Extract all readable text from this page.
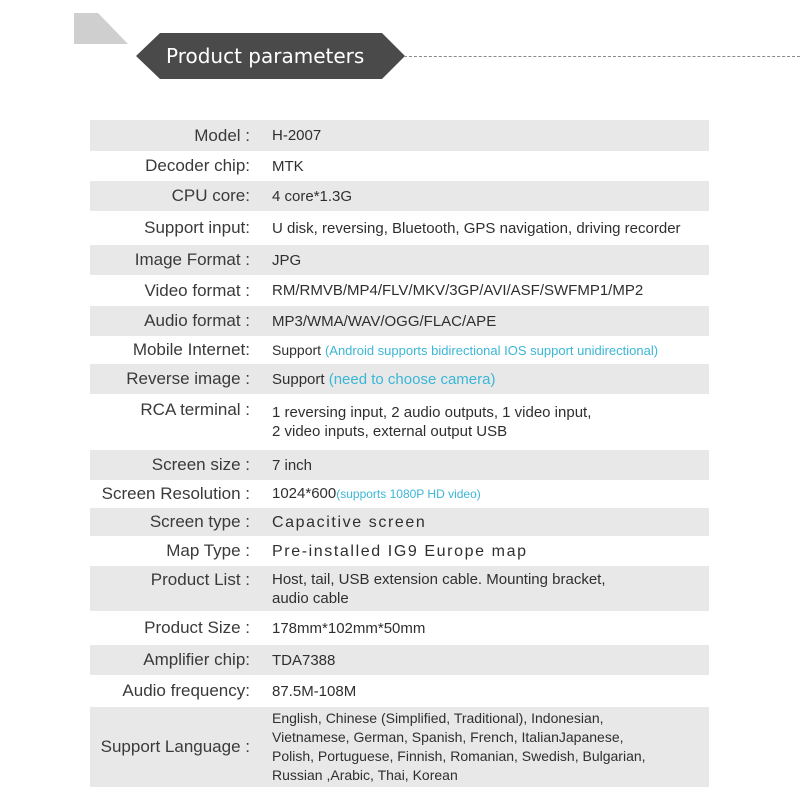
Product parameters
Model :	H-2007
Decoder chip:	MTK
CPU core:	4 core*1.3G
Support input:	U disk, reversing, Bluetooth, GPS navigation, driving recorder
Image Format :	JPG
Video format :	RM/RMVB/MP4/FLV/MKV/3GP/AVI/ASF/SWFMP1/MP2
Audio format :	MP3/WMA/WAV/OGG/FLAC/APE
Mobile Internet:	Support (Android supports bidirectional IOS support unidirectional)
Reverse image :	Support (need to choose camera)
RCA terminal : 1 reversing input, 2 audio outputs, 1 video input,
2 video inputs, external output USB
Screen size :	7 inch
Screen Resolution :	1024*600(supports 1080P HD video)
Screen type :	Capacitive screen
Map Type :	Pre-installed IG9 Europe map
Product List : Host, tail, USB extension cable. Mounting bracket,
audio cable
Product Size :	178mm*102mm*50mm
Amplifier chip:	TDA7388
Audio frequency:	87.5M-108M
Support Language :
English, Chinese (Simplified, Traditional), Indonesian,
Vietnamese, German, Spanish, French, ItalianJapanese,
Polish, Portuguese, Finnish, Romanian, Swedish, Bulgarian,
Russian ,Arabic, Thai, Korean
